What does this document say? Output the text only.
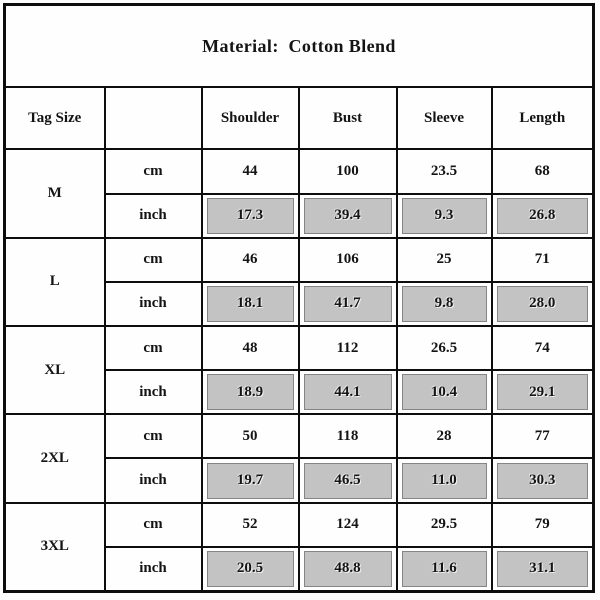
Material:  Cotton Blend					
Tag Size		Shoulder	Bust	Sleeve	Length
M	cm	44	100	23.5	68
	inch	17.3	39.4	9.3	26.8

L	cm	46	106	25	71
	inch	18.1	41.7	9.8	28.0

XL	cm	48	112	26.5	74
	inch	18.9	44.1	10.4	29.1

2XL	cm	50	118	28	77
	inch	19.7	46.5	11.0	30.3

3XL	cm	52	124	29.5	79
	inch	20.5	48.8	11.6	31.1
